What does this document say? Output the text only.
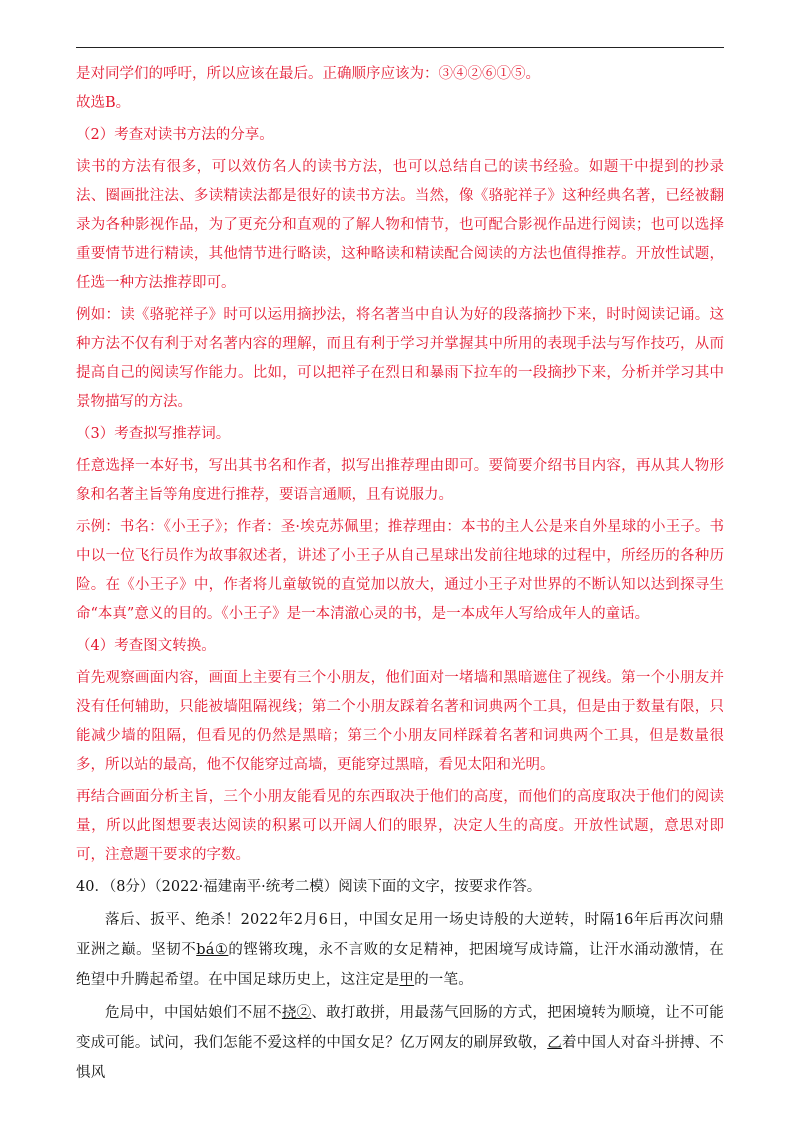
是对同学们的呼吁，所以应该在最后。正确顺序应该为：③④②⑥①⑤。

故选B。

（2）考查对读书方法的分享。

读书的方法有很多，可以效仿名人的读书方法，也可以总结自己的读书经验。如题干中提到的抄录法、圈画批注法、多读精读法都是很好的读书方法。当然，像《骆驼祥子》这种经典名著，已经被翻录为各种影视作品，为了更充分和直观的了解人物和情节，也可配合影视作品进行阅读；也可以选择重要情节进行精读，其他情节进行略读，这种略读和精读配合阅读的方法也值得推荐。开放性试题，任选一种方法推荐即可。

例如：读《骆驼祥子》时可以运用摘抄法，将名著当中自认为好的段落摘抄下来，时时阅读记诵。这种方法不仅有利于对名著内容的理解，而且有利于学习并掌握其中所用的表现手法与写作技巧，从而提高自己的阅读写作能力。比如，可以把祥子在烈日和暴雨下拉车的一段摘抄下来，分析并学习其中景物描写的方法。

（3）考查拟写推荐词。

任意选择一本好书，写出其书名和作者，拟写出推荐理由即可。要简要介绍书目内容，再从其人物形象和名著主旨等角度进行推荐，要语言通顺，且有说服力。

示例：书名：《小王子》；作者：圣·埃克苏佩里；推荐理由：本书的主人公是来自外星球的小王子。书中以一位飞行员作为故事叙述者，讲述了小王子从自己星球出发前往地球的过程中，所经历的各种历险。在《小王子》中，作者将儿童敏锐的直觉加以放大，通过小王子对世界的不断认知以达到探寻生命“本真”意义的目的。《小王子》是一本清澈心灵的书，是一本成年人写给成年人的童话。

（4）考查图文转换。

首先观察画面内容，画面上主要有三个小朋友，他们面对一堵墙和黑暗遮住了视线。第一个小朋友并没有任何辅助，只能被墙阻隔视线；第二个小朋友踩着名著和词典两个工具，但是由于数量有限，只能减少墙的阻隔，但看见的仍然是黑暗；第三个小朋友同样踩着名著和词典两个工具，但是数量很多，所以站的最高，他不仅能穿过高墙，更能穿过黑暗，看见太阳和光明。

再结合画面分析主旨，三个小朋友能看见的东西取决于他们的高度，而他们的高度取决于他们的阅读量，所以此图想要表达阅读的积累可以开阔人们的眼界，决定人生的高度。开放性试题，意思对即可，注意题干要求的字数。

40．（8分）（2022·福建南平·统考二模）阅读下面的文字，按要求作答。

落后、扳平、绝杀！2022年2月6日，中国女足用一场史诗般的大逆转，时隔16年后再次问鼎亚洲之巅。坚韧不bá①的铿锵玫瑰，永不言败的女足精神，把困境写成诗篇，让汗水涌动激情，在绝望中升腾起希望。在中国足球历史上，这注定是甲的一笔。

危局中，中国姑娘们不屈不挠②、敢打敢拼，用最荡气回肠的方式，把困境转为顺境，让不可能变成可能。试问，我们怎能不爱这样的中国女足？亿万网友的刷屏致敬，乙着中国人对奋斗拼搏、不惧风
